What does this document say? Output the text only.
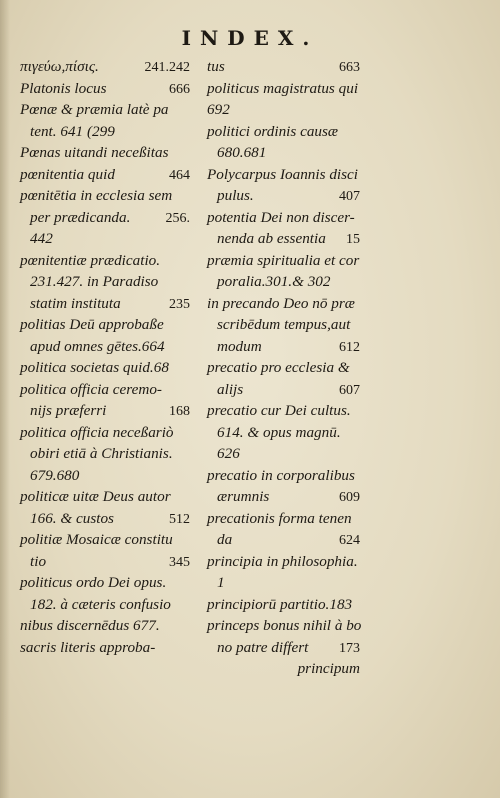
INDEX.
πιγεύω,πίσις.	241.242
Platonis locus	666
Pœnæ & præmia latè pa
tent. 641 (299
Pœnas uitandi neceßitas
pœnitentia quid	464
pœnitētia in ecclesia sem
per prædicanda.	256.
442
pœnitentiæ prædicatio.
231.427. in Paradiso
statim instituta	235
politias Deū approbaße
apud omnes gētes.664
politica societas quid.68
politica officia ceremo-
nijs præferri	168
politica officia neceßariò
obiri etiā à Christianis.
679.680
politicæ uitæ Deus autor
166. & custos	512
politiæ Mosaicæ constitu
tio	345
politicus ordo Dei opus.
182. à cæteris confusio
nibus discernēdus 677.
sacris literis approba-
tus	663
politicus magistratus qui
692
politici ordinis causæ
680.681
Polycarpus Ioannis disci
pulus.	407
potentia Dei non discer-
nenda ab essentia 15
præmia spiritualia et cor
poralia.301.& 302
in precando Deo nō præ
scribēdum tempus,aut
modum	612
precatio pro ecclesia &
alijs	607
precatio cur Dei cultus.
614. & opus magnū.
626
precatio in corporalibus
ærumnis	609
precationis forma tenen
da	624
principia in philosophia.
1
principiorū partitio.183
princeps bonus nihil à bo
no patre differt 173
principum
